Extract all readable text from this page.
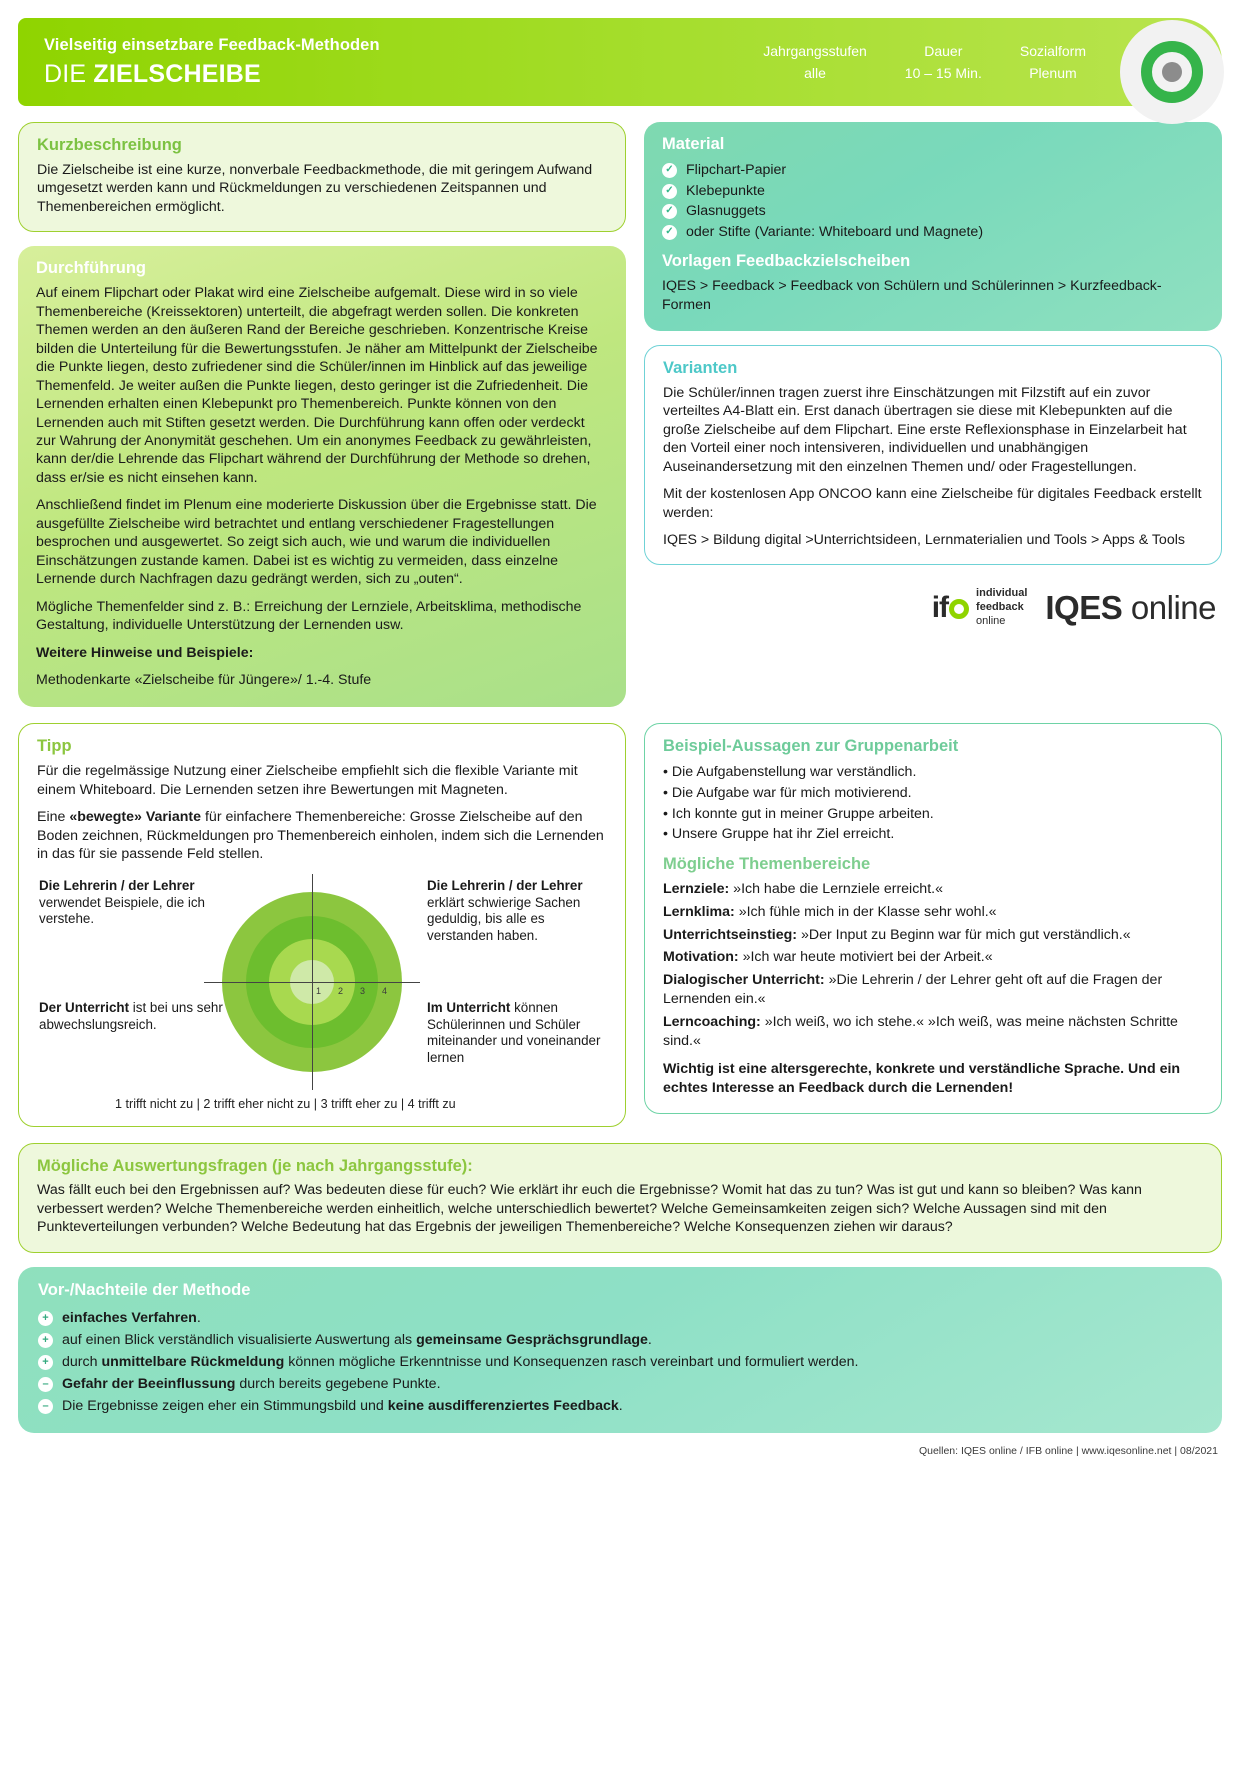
Vielseitig einsetzbare Feedback-Methoden
DIE ZIELSCHEIBE
Jahrgangsstufen
alle
Dauer
10 – 15 Min.
Sozialform
Plenum
Kurzbeschreibung

Die Zielscheibe ist eine kurze, nonverbale Feedbackmethode, die mit geringem Aufwand umgesetzt werden kann und Rückmeldungen zu verschiedenen Zeitspannen und Themenbereichen ermöglicht.

Durchführung

Auf einem Flipchart oder Plakat wird eine Zielscheibe aufgemalt. Diese wird in so viele Themenbereiche (Kreissektoren) unterteilt, die abgefragt werden sollen. Die konkreten Themen werden an den äußeren Rand der Bereiche geschrieben. Konzentrische Kreise bilden die Unterteilung für die Bewertungsstufen. Je näher am Mittelpunkt der Zielscheibe die Punkte liegen, desto zufriedener sind die Schüler/innen im Hinblick auf das jeweilige Themenfeld. Je weiter außen die Punkte liegen, desto geringer ist die Zufriedenheit. Die Lernenden erhalten einen Klebepunkt pro Themenbereich. Punkte können von den Lernenden auch mit Stiften gesetzt werden. Die Durchführung kann offen oder verdeckt zur Wahrung der Anonymität geschehen. Um ein anonymes Feedback zu gewährleisten, kann der/die Lehrende das Flipchart während der Durchführung der Methode so drehen, dass er/sie es nicht einsehen kann.

Anschließend findet im Plenum eine moderierte Diskussion über die Ergebnisse statt. Die ausgefüllte Zielscheibe wird betrachtet und entlang verschiedener Fragestellungen besprochen und ausgewertet. So zeigt sich auch, wie und warum die individuellen Einschätzungen zustande kamen. Dabei ist es wichtig zu vermeiden, dass einzelne Lernende durch Nachfragen dazu gedrängt werden, sich zu „outen“.

Mögliche Themenfelder sind z. B.: Erreichung der Lernziele, Arbeitsklima, methodische Gestaltung, individuelle Unterstützung der Lernenden usw.

Weitere Hinweise und Beispiele:

Methodenkarte «Zielscheibe für Jüngere»/ 1.-4. Stufe

Material
✓ Flipchart-Papier
✓ Klebepunkte
✓ Glasnuggets
✓ oder Stifte (Variante: Whiteboard und Magnete)
Vorlagen Feedbackzielscheiben
IQES > Feedback > Feedback von Schülern und Schülerinnen > Kurzfeedback-Formen
Varianten

Die Schüler/innen tragen zuerst ihre Einschätzungen mit Filzstift auf ein zuvor verteiltes A4-Blatt ein. Erst danach übertragen sie diese mit Klebepunkten auf die große Zielscheibe auf dem Flipchart. Eine erste Reflexionsphase in Einzelarbeit hat den Vorteil einer noch intensiveren, individuellen und unabhängigen Auseinandersetzung mit den einzelnen Themen und/ oder Fragestellungen.

Mit der kostenlosen App ONCOO kann eine Zielscheibe für digitales Feedback erstellt werden:

IQES > Bildung digital >Unterrichtsideen, Lernmaterialien und Tools > Apps & Tools

if	individual
feedback
online	IQES online
Tipp

Für die regelmässige Nutzung einer Zielscheibe empfiehlt sich die flexible Variante mit einem Whiteboard. Die Lernenden setzen ihre Bewertungen mit Magneten.

Eine «bewegte» Variante für einfachere Themenbereiche: Grosse Zielscheibe auf den Boden zeichnen, Rückmeldungen pro Themenbereich einholen, indem sich die Lernenden in das für sie passende Feld stellen.

Die Lehrerin / der Lehrer verwendet Beispiele, die ich verstehe.
Die Lehrerin / der Lehrer erklärt schwierige Sachen geduldig, bis alle es verstanden haben.
Der Unterricht ist bei uns sehr abwechslungsreich.
Im Unterricht können Schülerinnen und Schüler miteinander und voneinander lernen
1 2 3 4
1 trifft nicht zu | 2 trifft eher nicht zu | 3 trifft eher zu | 4 trifft zu
Beispiel-Aussagen zur Gruppenarbeit
• Die Aufgabenstellung war verständlich.
• Die Aufgabe war für mich motivierend.
• Ich konnte gut in meiner Gruppe arbeiten.
• Unsere Gruppe hat ihr Ziel erreicht.
Mögliche Themenbereiche

Lernziele: »Ich habe die Lernziele erreicht.«

Lernklima: »Ich fühle mich in der Klasse sehr wohl.«

Unterrichtseinstieg: »Der Input zu Beginn war für mich gut verständlich.«

Motivation: »Ich war heute motiviert bei der Arbeit.«

Dialogischer Unterricht: »Die Lehrerin / der Lehrer geht oft auf die Fragen der Lernenden ein.«

Lerncoaching: »Ich weiß, wo ich stehe.« »Ich weiß, was meine nächsten Schritte sind.«

Wichtig ist eine altersgerechte, konkrete und verständliche Sprache. Und ein echtes Interesse an Feedback durch die Lernenden!
Mögliche Auswertungsfragen (je nach Jahrgangsstufe):

Was fällt euch bei den Ergebnissen auf? Was bedeuten diese für euch? Wie erklärt ihr euch die Ergebnisse? Womit hat das zu tun? Was ist gut und kann so bleiben? Was kann verbessert werden? Welche Themenbereiche werden einheitlich, welche unterschiedlich bewertet? Welche Gemeinsamkeiten zeigen sich? Welche Aussagen sind mit den Punkteverteilungen verbunden? Welche Bedeutung hat das Ergebnis der jeweiligen Themenbereiche? Welche Konsequenzen ziehen wir daraus?

Vor-/Nachteile der Methode
+ einfaches Verfahren.
+ auf einen Blick verständlich visualisierte Auswertung als gemeinsame Gesprächsgrundlage.
+ durch unmittelbare Rückmeldung können mögliche Erkenntnisse und Konsequenzen rasch vereinbart und formuliert werden.
– Gefahr der Beeinflussung durch bereits gegebene Punkte.
– Die Ergebnisse zeigen eher ein Stimmungsbild und keine ausdifferenziertes Feedback.
Quellen: IQES online / IFB online | www.iqesonline.net | 08/2021
